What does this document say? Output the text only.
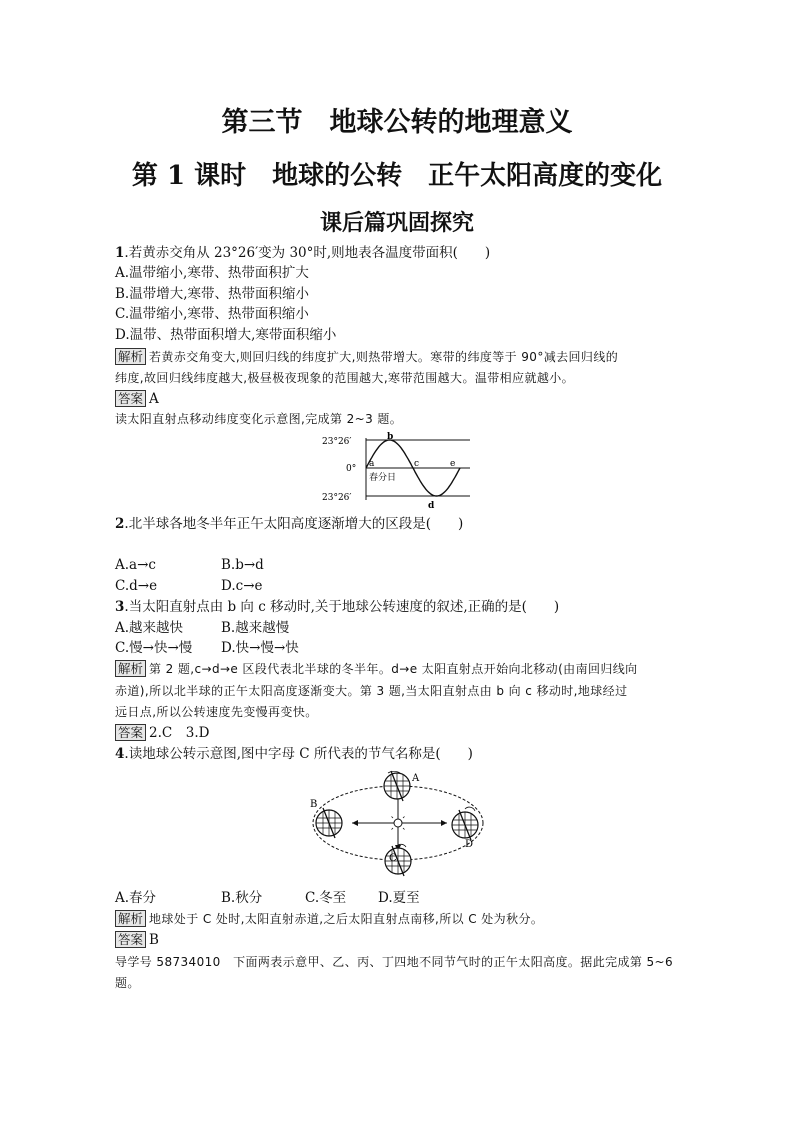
第三节　地球公转的地理意义
第 1 课时　地球的公转　正午太阳高度的变化
课后篇巩固探究
1.若黄赤交角从 23°26′变为 30°时,则地表各温度带面积(　　)
A.温带缩小,寒带、热带面积扩大
B.温带增大,寒带、热带面积缩小
C.温带缩小,寒带、热带面积缩小
D.温带、热带面积增大,寒带面积缩小
解析 若黄赤交角变大,则回归线的纬度扩大,则热带增大。寒带的纬度等于 90°减去回归线的
纬度,故回归线纬度越大,极昼极夜现象的范围越大,寒带范围越大。温带相应就越小。
答案 A
读太阳直射点移动纬度变化示意图,完成第 2~3 题。
23°26′
0°
23°26′
a
b
c
d
e
春分日
2.北半球各地冬半年正午太阳高度逐渐增大的区段是(　　)
A.a→c	B.b→d
C.d→e	D.c→e
3.当太阳直射点由 b 向 c 移动时,关于地球公转速度的叙述,正确的是(　　)
A.越来越快	B.越来越慢
C.慢→快→慢 D.快→慢→快
解析 第 2 题,c→d→e 区段代表北半球的冬半年。d→e 太阳直射点开始向北移动(由南回归线向
赤道),所以北半球的正午太阳高度逐渐变大。第 3 题,当太阳直射点由 b 向 c 移动时,地球经过
远日点,所以公转速度先变慢再变快。
答案 2.C　3.D
4.读地球公转示意图,图中字母 C 所代表的节气名称是(　　)
A
B
C
D
A.春分	B.秋分	C.冬至 D.夏至
解析 地球处于 C 处时,太阳直射赤道,之后太阳直射点南移,所以 C 处为秋分。
答案 B
导学号 58734010　下面两表示意甲、乙、丙、丁四地不同节气时的正午太阳高度。据此完成第 5~6
题。
